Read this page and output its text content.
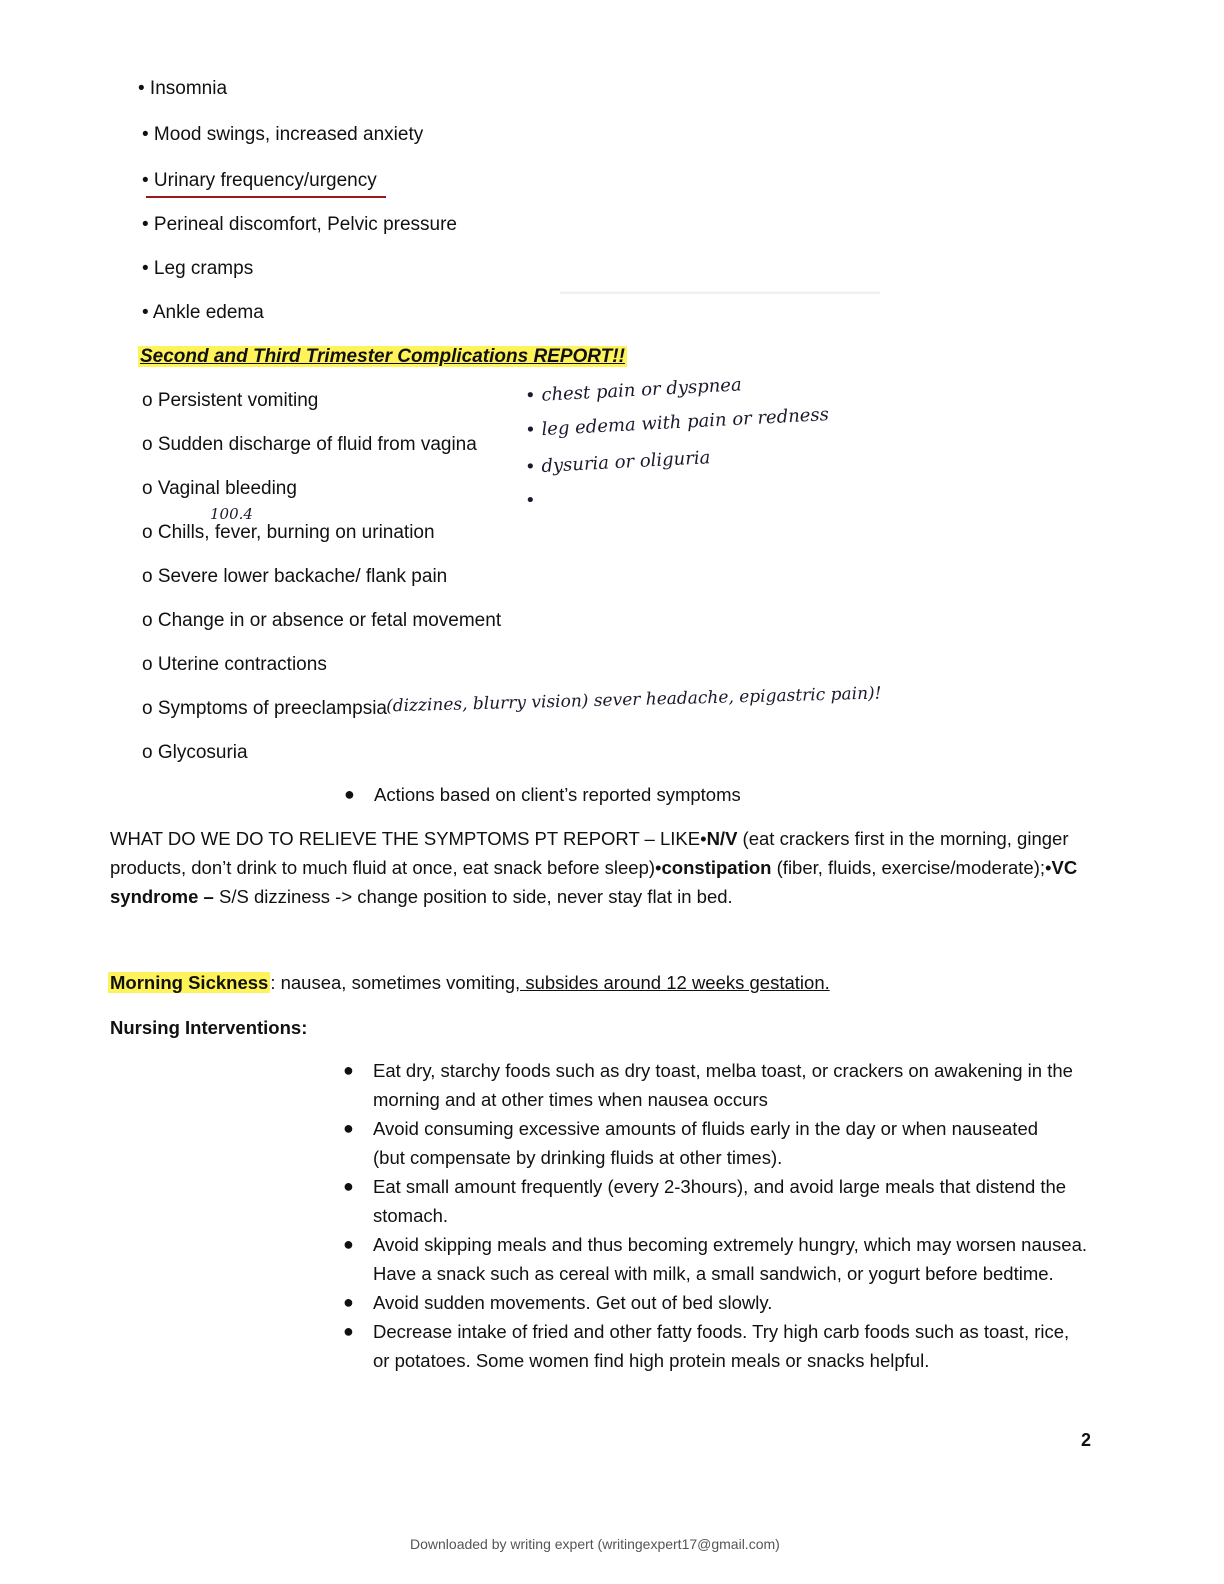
▁▁▁▁▁▁▁▁▁▁▁▁▁▁▁▁▁▁▁▁▁▁▁▁▁▁
• Insomnia
• Mood swings, increased anxiety
• Urinary frequency/urgency
• Perineal discomfort, Pelvic pressure
• Leg cramps
• Ankle edema
Second and Third Trimester Complications REPORT!!
o Persistent vomiting
o Sudden discharge of fluid from vagina
o Vaginal bleeding
o Chills, fever, burning on urination
o Severe lower backache/ flank pain
o Change in or absence or fetal movement
o Uterine contractions
o Symptoms of preeclampsia
o Glycosuria
• chest pain or dyspnea
• leg edema with pain or redness
• dysuria or oliguria
•
100.4
(dizzines, blurry vision) sever headache, epigastric pain)!
● Actions based on client’s reported symptoms
WHAT DO WE DO TO RELIEVE THE SYMPTOMS PT REPORT – LIKE•N/V (eat crackers first in the morning, ginger products, don’t drink to much fluid at once, eat snack before sleep)•constipation (fiber, fluids, exercise/moderate);•VC syndrome – S/S dizziness -> change position to side, never stay flat in bed.
Morning Sickness : nausea, sometimes vomiting, subsides around 12 weeks gestation.
Nursing Interventions:
● Eat dry, starchy foods such as dry toast, melba toast, or crackers on awakening in the morning and at other times when nausea occurs
● Avoid consuming excessive amounts of fluids early in the day or when nauseated (but compensate by drinking fluids at other times).
● Eat small amount frequently (every 2-3hours), and avoid large meals that distend the stomach.
● Avoid skipping meals and thus becoming extremely hungry, which may worsen nausea. Have a snack such as cereal with milk, a small sandwich, or yogurt before bedtime.
● Avoid sudden movements. Get out of bed slowly.
● Decrease intake of fried and other fatty foods. Try high carb foods such as toast, rice, or potatoes. Some women find high protein meals or snacks helpful.
2
Downloaded by writing expert (writingexpert17@gmail.com)
